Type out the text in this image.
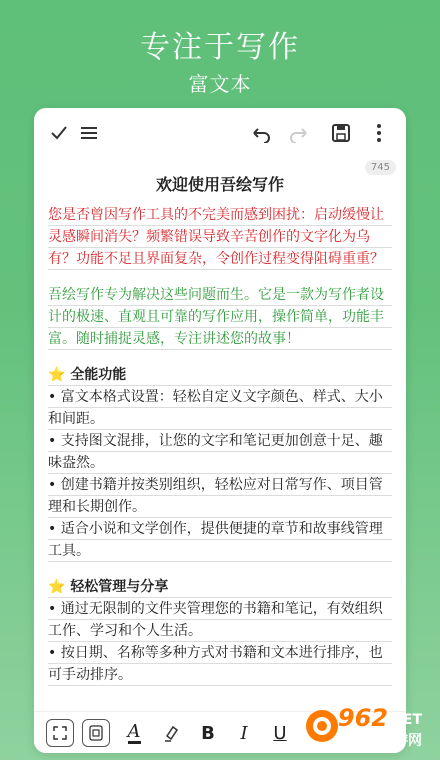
专注于写作
富文本
745
欢迎使用吾绘写作
您是否曾因写作工具的不完美而感到困扰：启动缓慢让灵感瞬间消失？频繁错误导致辛苦创作的文字化为乌有？功能不足且界面复杂，令创作过程变得阻碍重重？
吾绘写作专为解决这些问题而生。它是一款为写作者设计的极速、直观且可靠的写作应用，操作简单，功能丰富。随时捕捉灵感，专注讲述您的故事！
⭐ 全能功能
• 富文本格式设置：轻松自定义文字颜色、样式、大小和间距。
• 支持图文混排，让您的文字和笔记更加创意十足、趣味盎然。
• 创建书籍并按类别组织，轻松应对日常写作、项目管理和长期创作。
• 适合小说和文学创作，提供便捷的章节和故事线管理工具。
⭐ 轻松管理与分享
• 通过无限制的文件夹管理您的书籍和笔记，有效组织工作、学习和个人生活。
• 按日期、名称等多种方式对书籍和文本进行排序，也可手动排序。
A	B	I	U
962
.NET
乐游网
